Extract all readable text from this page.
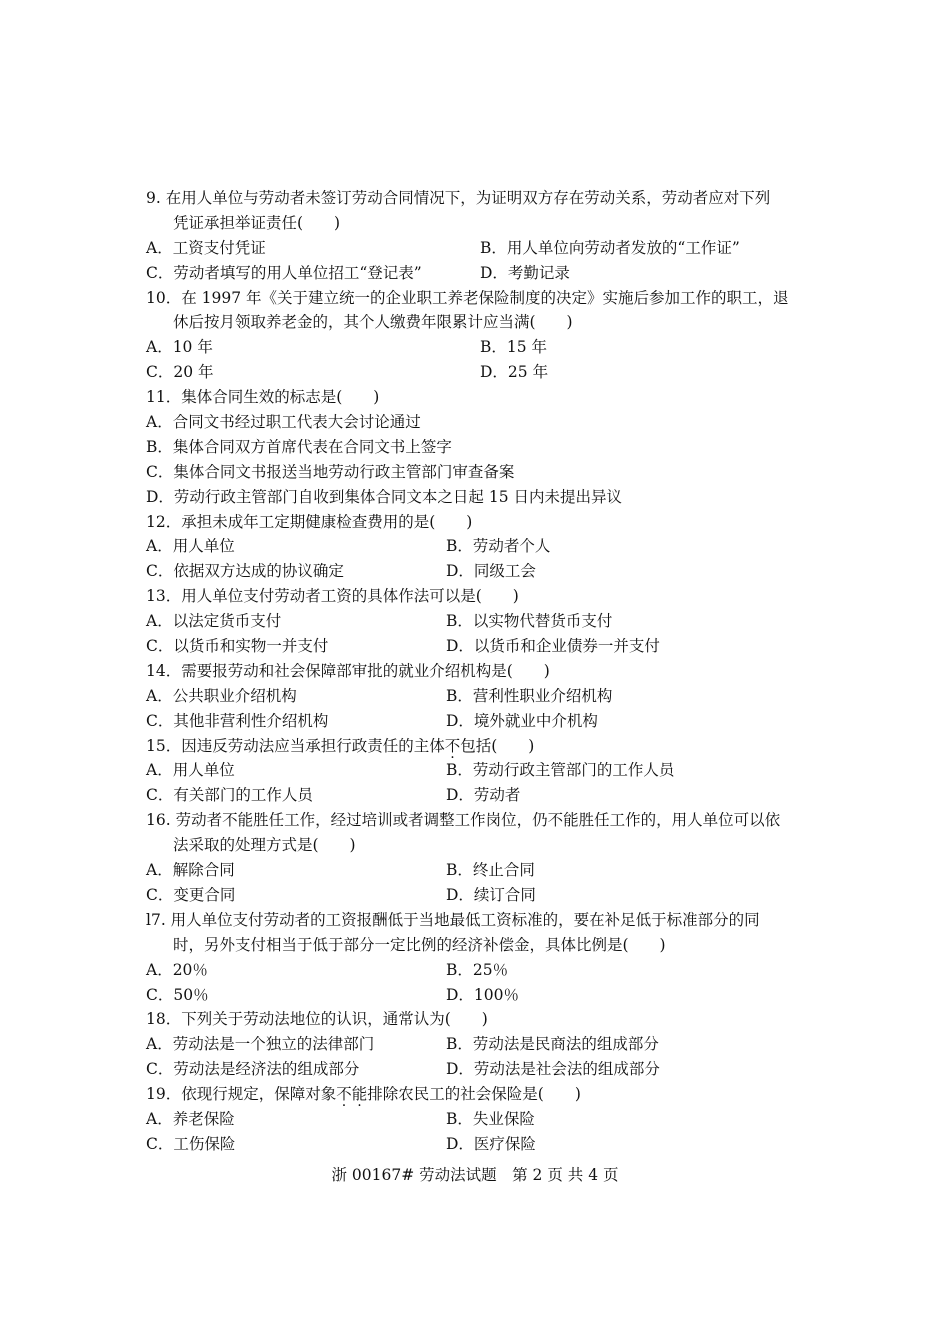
9. 在用人单位与劳动者未签订劳动合同情况下，为证明双方存在劳动关系，劳动者应对下列
凭证承担举证责任(　　)
A．工资支付凭证	B．用人单位向劳动者发放的“工作证”
C．劳动者填写的用人单位招工“登记表”	D．考勤记录
10．在 1997 年《关于建立统一的企业职工养老保险制度的决定》实施后参加工作的职工，退
休后按月领取养老金的，其个人缴费年限累计应当满(　　)
A．10 年	B．15 年
C．20 年	D．25 年
11．集体合同生效的标志是(　　)
A．合同文书经过职工代表大会讨论通过
B．集体合同双方首席代表在合同文书上签字
C．集体合同文书报送当地劳动行政主管部门审查备案
D．劳动行政主管部门自收到集体合同文本之日起 15 日内未提出异议
12．承担未成年工定期健康检查费用的是(　　)
A．用人单位	B．劳动者个人
C．依据双方达成的协议确定	D．同级工会
13．用人单位支付劳动者工资的具体作法可以是(　　)
A．以法定货币支付	B．以实物代替货币支付
C．以货币和实物一并支付	D．以货币和企业债券一并支付
14．需要报劳动和社会保障部审批的就业介绍机构是(　　)
A．公共职业介绍机构	B．营利性职业介绍机构
C．其他非营利性介绍机构	D．境外就业中介机构
15．因违反劳动法应当承担行政责任的主体不包括(　　)
A．用人单位	B．劳动行政主管部门的工作人员
C．有关部门的工作人员	D．劳动者
16. 劳动者不能胜任工作，经过培训或者调整工作岗位，仍不能胜任工作的，用人单位可以依
法采取的处理方式是(　　)
A．解除合同	B．终止合同
C．变更合同	D．续订合同
l7. 用人单位支付劳动者的工资报酬低于当地最低工资标准的，要在补足低于标准部分的同
时，另外支付相当于低于部分一定比例的经济补偿金，具体比例是(　　)
A．20％	B．25％
C．50％	D．100％
18．下列关于劳动法地位的认识，通常认为(　　)
A．劳动法是一个独立的法律部门	B．劳动法是民商法的组成部分
C．劳动法是经济法的组成部分	D．劳动法是社会法的组成部分
19．依现行规定，保障对象不能排除农民工的社会保险是(　　)
A．养老保险	B．失业保险
C．工伤保险	D．医疗保险
浙 00167# 劳动法试题　第 2 页 共 4 页
